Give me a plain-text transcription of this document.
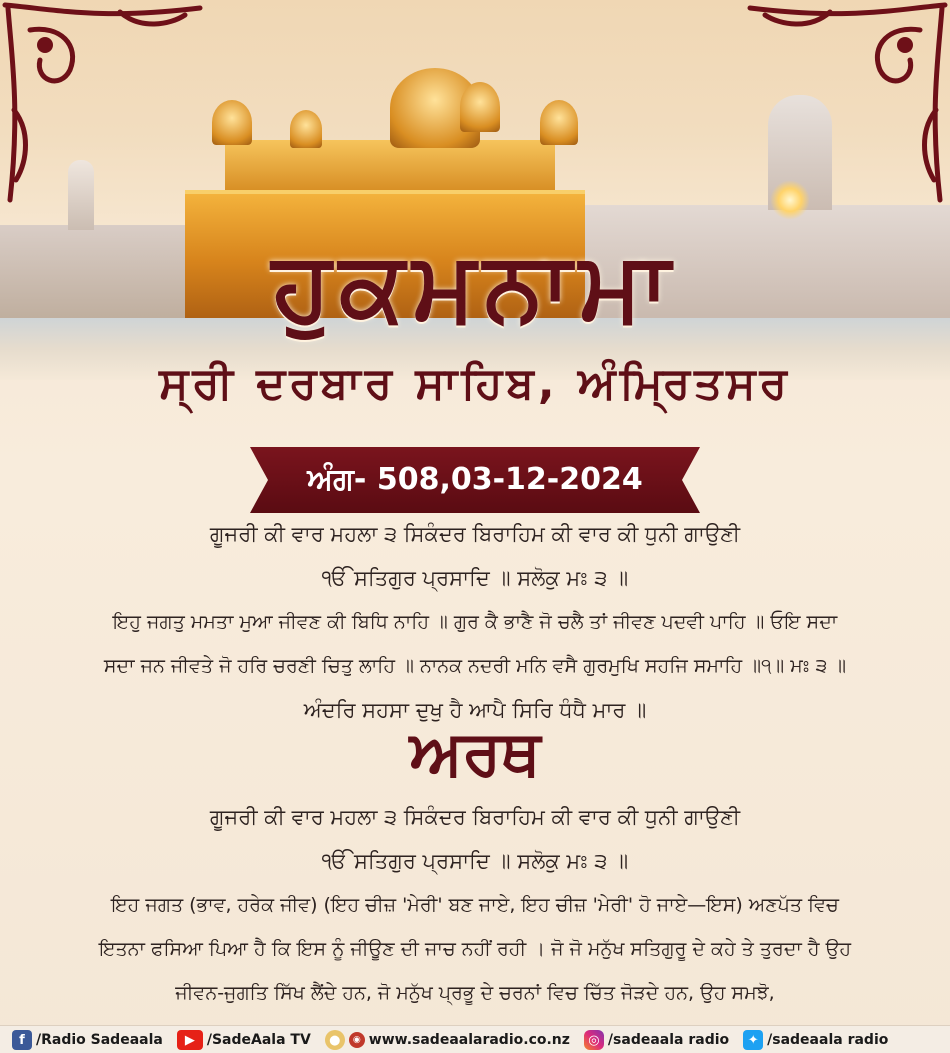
ਹੁਕਮਨਾਮਾ
ਸ੍ਰੀ ਦਰਬਾਰ ਸਾਹਿਬ, ਅੰਮ੍ਰਿਤਸਰ
ਅੰਗ- 508,03-12-2024
ਗੂਜਰੀ ਕੀ ਵਾਰ ਮਹਲਾ ੩ ਸਿਕੰਦਰ ਬਿਰਾਹਿਮ ਕੀ ਵਾਰ ਕੀ ਧੁਨੀ ਗਾਉਣੀ
ੴ ਸਤਿਗੁਰ ਪ੍ਰਸਾਦਿ ॥ ਸਲੋਕੁ ਮਃ ੩ ॥
ਇਹੁ ਜਗਤੁ ਮਮਤਾ ਮੁਆ ਜੀਵਣ ਕੀ ਬਿਧਿ ਨਾਹਿ ॥ ਗੁਰ ਕੈ ਭਾਣੈ ਜੋ ਚਲੈ ਤਾਂ ਜੀਵਣ ਪਦਵੀ ਪਾਹਿ ॥ ਓਇ ਸਦਾ
ਸਦਾ ਜਨ ਜੀਵਤੇ ਜੋ ਹਰਿ ਚਰਣੀ ਚਿਤੁ ਲਾਹਿ ॥ ਨਾਨਕ ਨਦਰੀ ਮਨਿ ਵਸੈ ਗੁਰਮੁਖਿ ਸਹਜਿ ਸਮਾਹਿ ॥੧॥ ਮਃ ੩ ॥
ਅੰਦਰਿ ਸਹਸਾ ਦੁਖੁ ਹੈ ਆਪੈ ਸਿਰਿ ਧੰਧੈ ਮਾਰ ॥
ਅਰਥ
ਗੂਜਰੀ ਕੀ ਵਾਰ ਮਹਲਾ ੩ ਸਿਕੰਦਰ ਬਿਰਾਹਿਮ ਕੀ ਵਾਰ ਕੀ ਧੁਨੀ ਗਾਉਣੀ
ੴ ਸਤਿਗੁਰ ਪ੍ਰਸਾਦਿ ॥ ਸਲੋਕੁ ਮਃ ੩ ॥
ਇਹ ਜਗਤ (ਭਾਵ, ਹਰੇਕ ਜੀਵ) (ਇਹ ਚੀਜ਼ 'ਮੇਰੀ' ਬਣ ਜਾਏ, ਇਹ ਚੀਜ਼ 'ਮੇਰੀ' ਹੋ ਜਾਏ—ਇਸ) ਅਣਪੱਤ ਵਿਚ
ਇਤਨਾ ਫਸਿਆ ਪਿਆ ਹੈ ਕਿ ਇਸ ਨੂੰ ਜੀਊਣ ਦੀ ਜਾਚ ਨਹੀਂ ਰਹੀ । ਜੋ ਜੋ ਮਨੁੱਖ ਸਤਿਗੁਰੂ ਦੇ ਕਹੇ ਤੇ ਤੁਰਦਾ ਹੈ ਉਹ
ਜੀਵਨ-ਜੁਗਤਿ ਸਿੱਖ ਲੈਂਦੇ ਹਨ, ਜੋ ਮਨੁੱਖ ਪ੍ਰਭੂ ਦੇ ਚਰਨਾਂ ਵਿਚ ਚਿੱਤ ਜੋੜਦੇ ਹਨ, ਉਹ ਸਮਝੋ,
f /Radio Sadeaala	▶ /SadeAala TV	●	◉ www.sadeaalaradio.co.nz	◎ /sadeaala radio	✦ /sadeaala radio
